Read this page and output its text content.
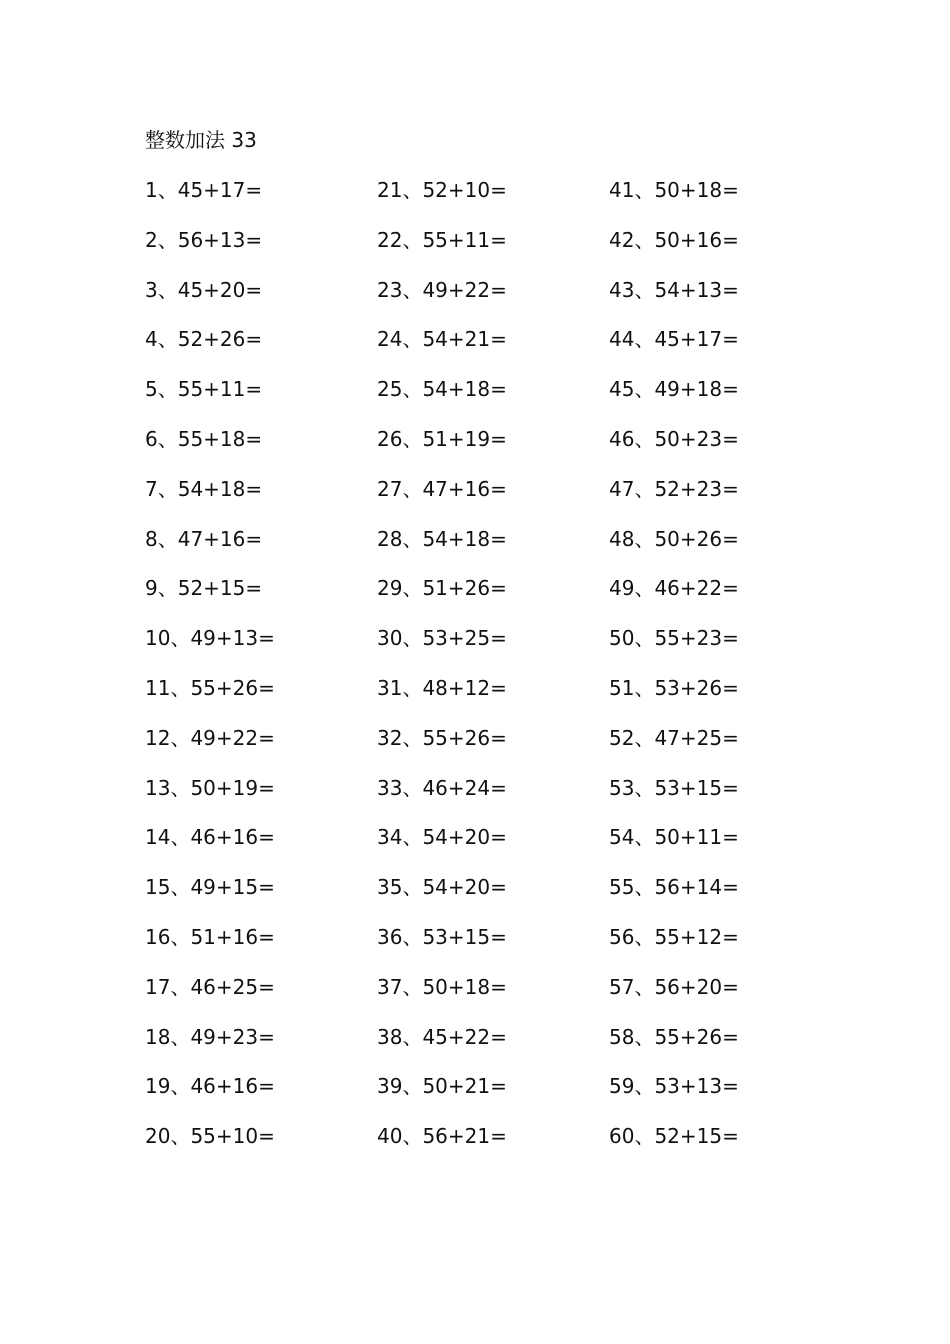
整数加法 33
1、45+17=
2、56+13=
3、45+20=
4、52+26=
5、55+11=
6、55+18=
7、54+18=
8、47+16=
9、52+15=
10、49+13=
11、55+26=
12、49+22=
13、50+19=
14、46+16=
15、49+15=
16、51+16=
17、46+25=
18、49+23=
19、46+16=
20、55+10=
21、52+10=
22、55+11=
23、49+22=
24、54+21=
25、54+18=
26、51+19=
27、47+16=
28、54+18=
29、51+26=
30、53+25=
31、48+12=
32、55+26=
33、46+24=
34、54+20=
35、54+20=
36、53+15=
37、50+18=
38、45+22=
39、50+21=
40、56+21=
41、50+18=
42、50+16=
43、54+13=
44、45+17=
45、49+18=
46、50+23=
47、52+23=
48、50+26=
49、46+22=
50、55+23=
51、53+26=
52、47+25=
53、53+15=
54、50+11=
55、56+14=
56、55+12=
57、56+20=
58、55+26=
59、53+13=
60、52+15=
